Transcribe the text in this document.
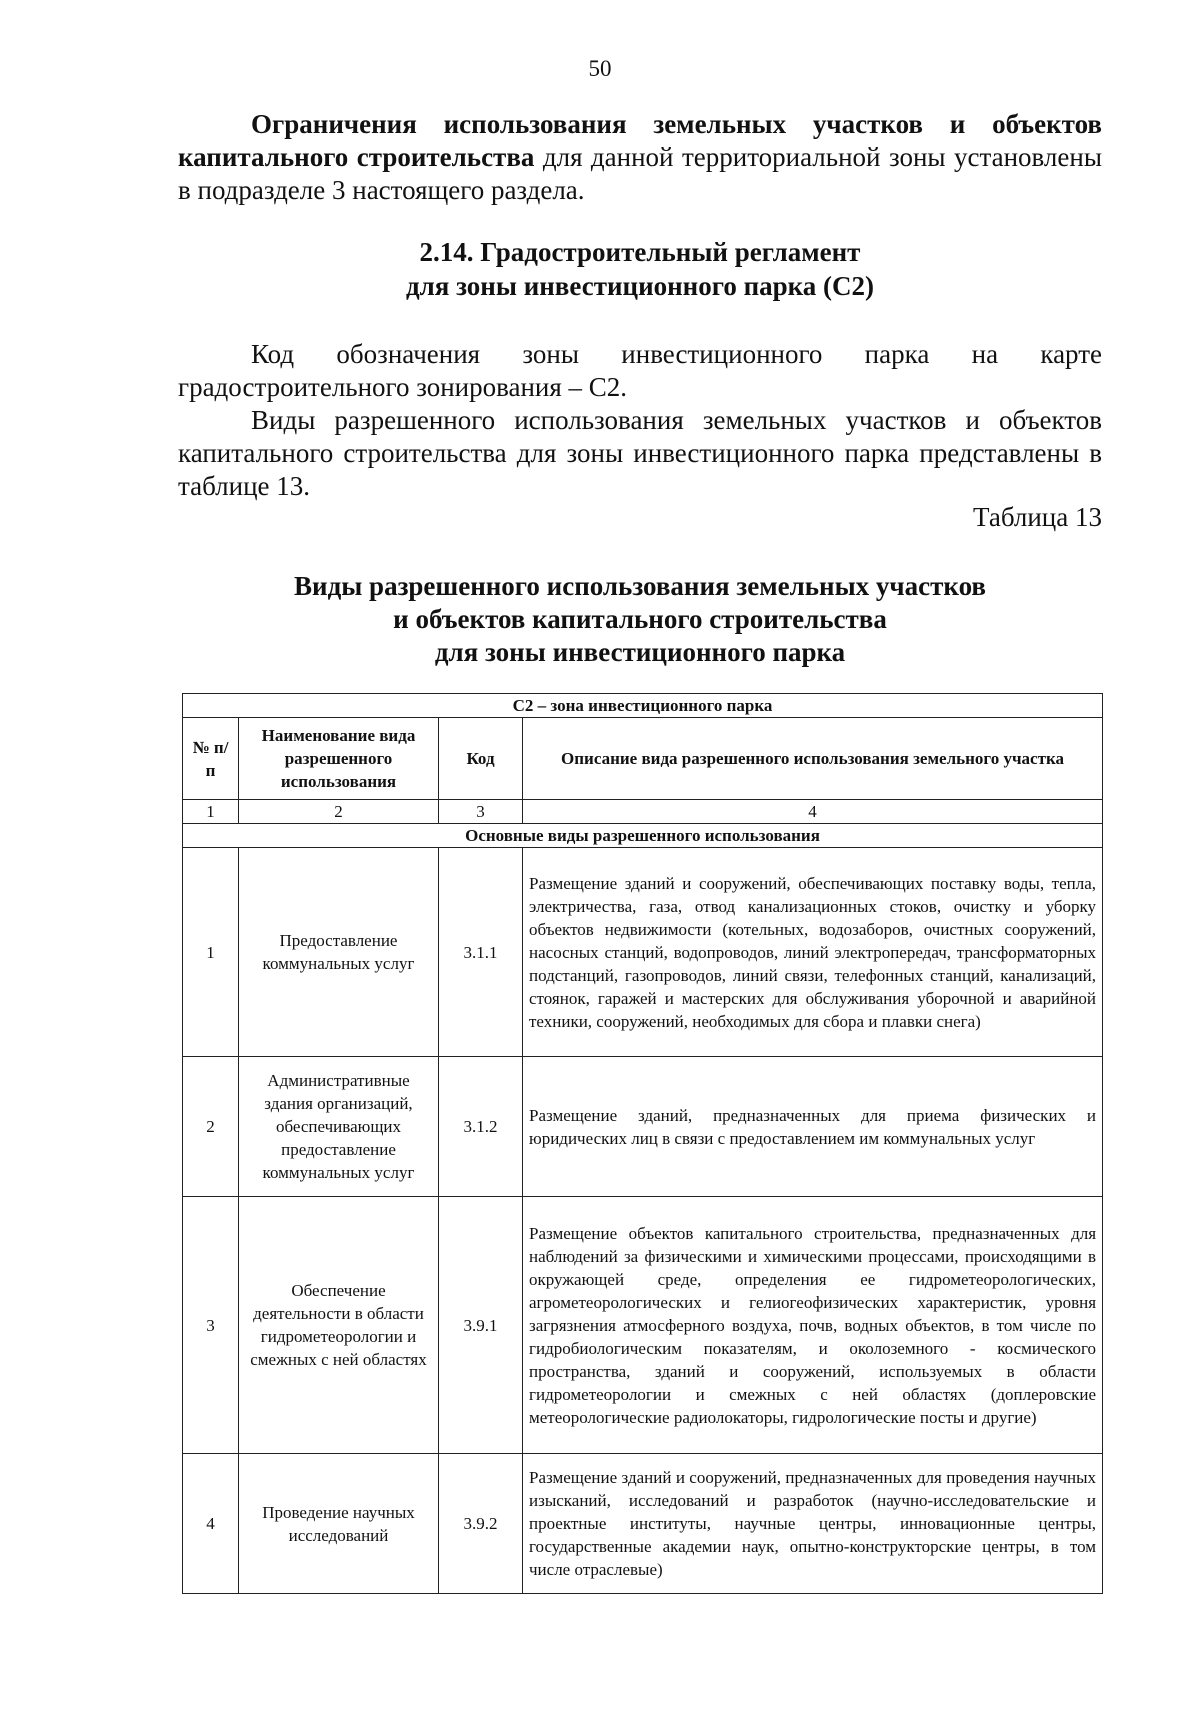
50
Ограничения использования земельных участков и объектов капитального строительства для данной территориальной зоны установлены в подразделе 3 настоящего раздела.
2.14. Градостроительный регламент
для зоны инвестиционного парка (С2)
Код обозначения зоны инвестиционного парка на карте градостроительного зонирования – С2.
Виды разрешенного использования земельных участков и объектов капитального строительства для зоны инвестиционного парка представлены в таблице 13.
Таблица 13
Виды разрешенного использования земельных участков
и объектов капитального строительства
для зоны инвестиционного парка
С2 – зона инвестиционного парка			
№ п/п	Наименование вида разрешенного использования	Код	Описание вида разрешенного использования земельного участка
1	2	3	4
Основные виды разрешенного использования			
1	Предоставление коммунальных услуг	3.1.1	Размещение зданий и сооружений, обеспечивающих поставку воды, тепла, электричества, газа, отвод канализационных стоков, очистку и уборку объектов недвижимости (котельных, водозаборов, очистных сооружений, насосных станций, водопроводов, линий электропередач, трансформаторных подстанций, газопроводов, линий связи, телефонных станций, канализаций, стоянок, гаражей и мастерских для обслуживания уборочной и аварийной техники, сооружений, необходимых для сбора и плавки снега)
2	Административные здания организаций, обеспечивающих предоставление коммунальных услуг	3.1.2	Размещение зданий, предназначенных для приема физических и юридических лиц в связи с предоставлением им коммунальных услуг
3	Обеспечение деятельности в области гидрометеорологии и смежных с ней областях	3.9.1	Размещение объектов капитального строительства, предназначенных для наблюдений за физическими и химическими процессами, происходящими в окружающей среде, определения ее гидрометеорологических, агрометеорологических и гелиогеофизических характеристик, уровня загрязнения атмосферного воздуха, почв, водных объектов, в том числе по гидробиологическим показателям, и околоземного - космического пространства, зданий и сооружений, используемых в области гидрометеорологии и смежных с ней областях (доплеровские метеорологические радиолокаторы, гидрологические посты и другие)
4	Проведение научных исследований	3.9.2	Размещение зданий и сооружений, предназначенных для проведения научных изысканий, исследований и разработок (научно-исследовательские и проектные институты, научные центры, инновационные центры, государственные академии наук, опытно-конструкторские центры, в том числе отраслевые)
